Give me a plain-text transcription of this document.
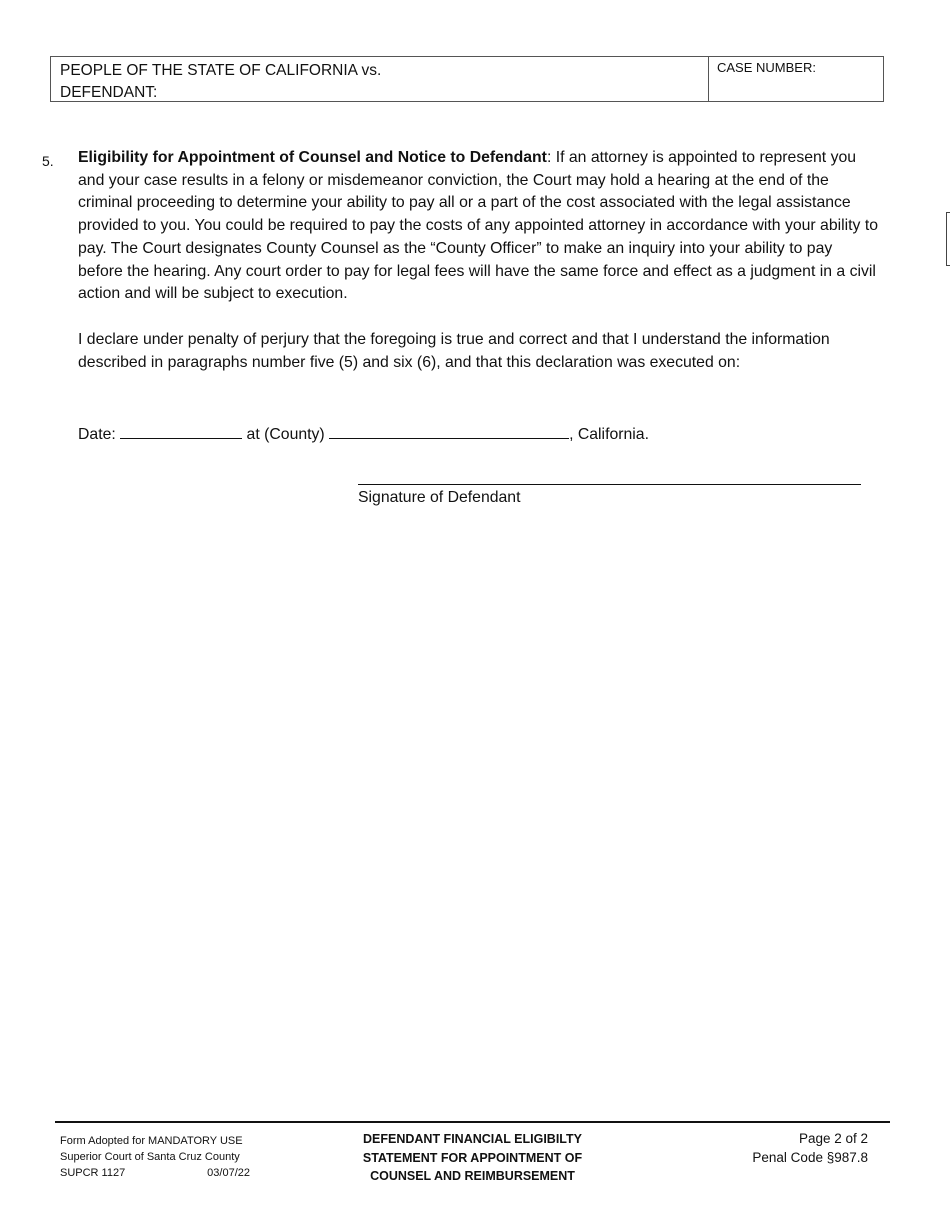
PEOPLE OF THE STATE OF CALIFORNIA vs.
DEFENDANT:
CASE NUMBER:
5. Eligibility for Appointment of Counsel and Notice to Defendant: If an attorney is appointed to represent you and your case results in a felony or misdemeanor conviction, the Court may hold a hearing at the end of the criminal proceeding to determine your ability to pay all or a part of the cost associated with the legal assistance provided to you. You could be required to pay the costs of any appointed attorney in accordance with your ability to pay. The Court designates County Counsel as the “County Officer” to make an inquiry into your ability to pay before the hearing. Any court order to pay for legal fees will have the same force and effect as a judgment in a civil action and will be subject to execution.
I declare under penalty of perjury that the foregoing is true and correct and that I understand the information described in paragraphs number five (5) and six (6), and that this declaration was executed on:
Date:	at (County)	, California.
Signature of Defendant
Form Adopted for MANDATORY USE
Superior Court of Santa Cruz County
SUPCR 1127	03/07/22
DEFENDANT FINANCIAL ELIGIBILTY
STATEMENT FOR APPOINTMENT OF
COUNSEL AND REIMBURSEMENT
Page 2 of 2
Penal Code §987.8
